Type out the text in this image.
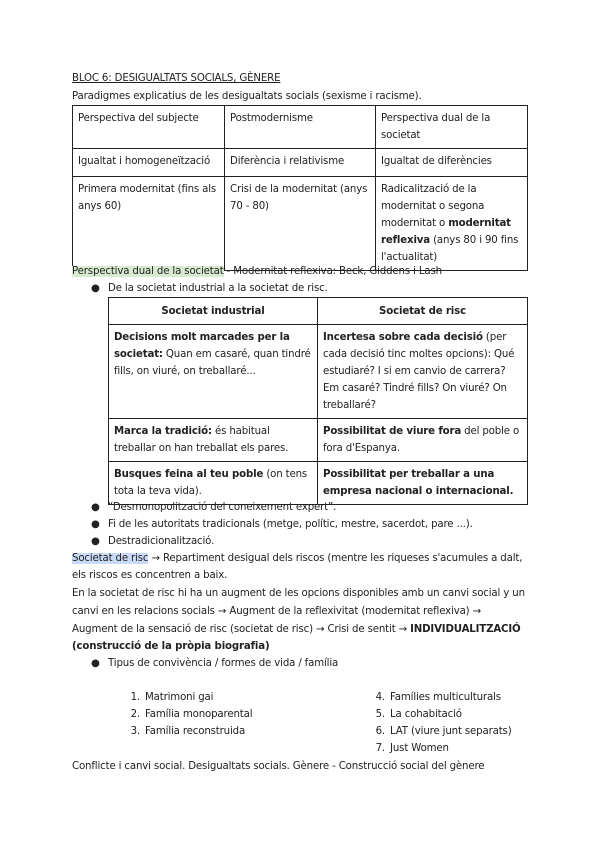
BLOC 6: DESIGUALTATS SOCIALS, GÈNERE
Paradigmes explicatius de les desigualtats socials (sexisme i racisme).
Perspectiva del subjecte	Postmodernisme	Perspectiva dual de la societat
Igualtat i homogeneïtzació	Diferència i relativisme	Igualtat de diferències
Primera modernitat (fins als anys 60)	Crisi de la modernitat (anys 70 - 80)	Radicalització de la modernitat o segona modernitat o modernitat reflexiva (anys 80 i 90 fins l'actualitat)
Perspectiva dual de la societat - Modernitat reflexiva: Beck, Giddens i Lash
● De la societat industrial a la societat de risc.
Societat industrial	Societat de risc
Decisions molt marcades per la societat: Quan em casaré, quan tindré fills, on viuré, on treballaré...	Incertesa sobre cada decisió (per cada decisió tinc moltes opcions): Qué estudiaré? I si em canvio de carrera? Em casaré? Tindré fills? On viuré? On treballaré?
Marca la tradició: és habitual treballar on han treballat els pares.	Possibilitat de viure fora del poble o fora d'Espanya.
Busques feina al teu poble (on tens tota la teva vida).	Possibilitat per treballar a una empresa nacional o internacional.
● “Desmonopolització del coneixement expert”.
● Fi de les autoritats tradicionals (metge, polític, mestre, sacerdot, pare ...).
● Destradicionalització.
Societat de risc → Repartiment desigual dels riscos (mentre les riqueses s'acumules a dalt,
els riscos es concentren a baix.
En la societat de risc hi ha un augment de les opcions disponibles amb un canvi social y un
canvi en les relacions socials → Augment de la reflexivitat (modernitat reflexiva) →
Augment de la sensació de risc (societat de risc) → Crisi de sentit → INDIVIDUALITZACIÓ
(construcció de la pròpia biografia)
● Tipus de convivència / formes de vida / família
1. Matrimoni gai
2. Família monoparental
3. Família reconstruida
4. Famílies multiculturals
5. La cohabitació
6. LAT (viure junt separats)
7. Just Women
Conflicte i canvi social. Desigualtats socials. Gènere - Construcció social del gènere
